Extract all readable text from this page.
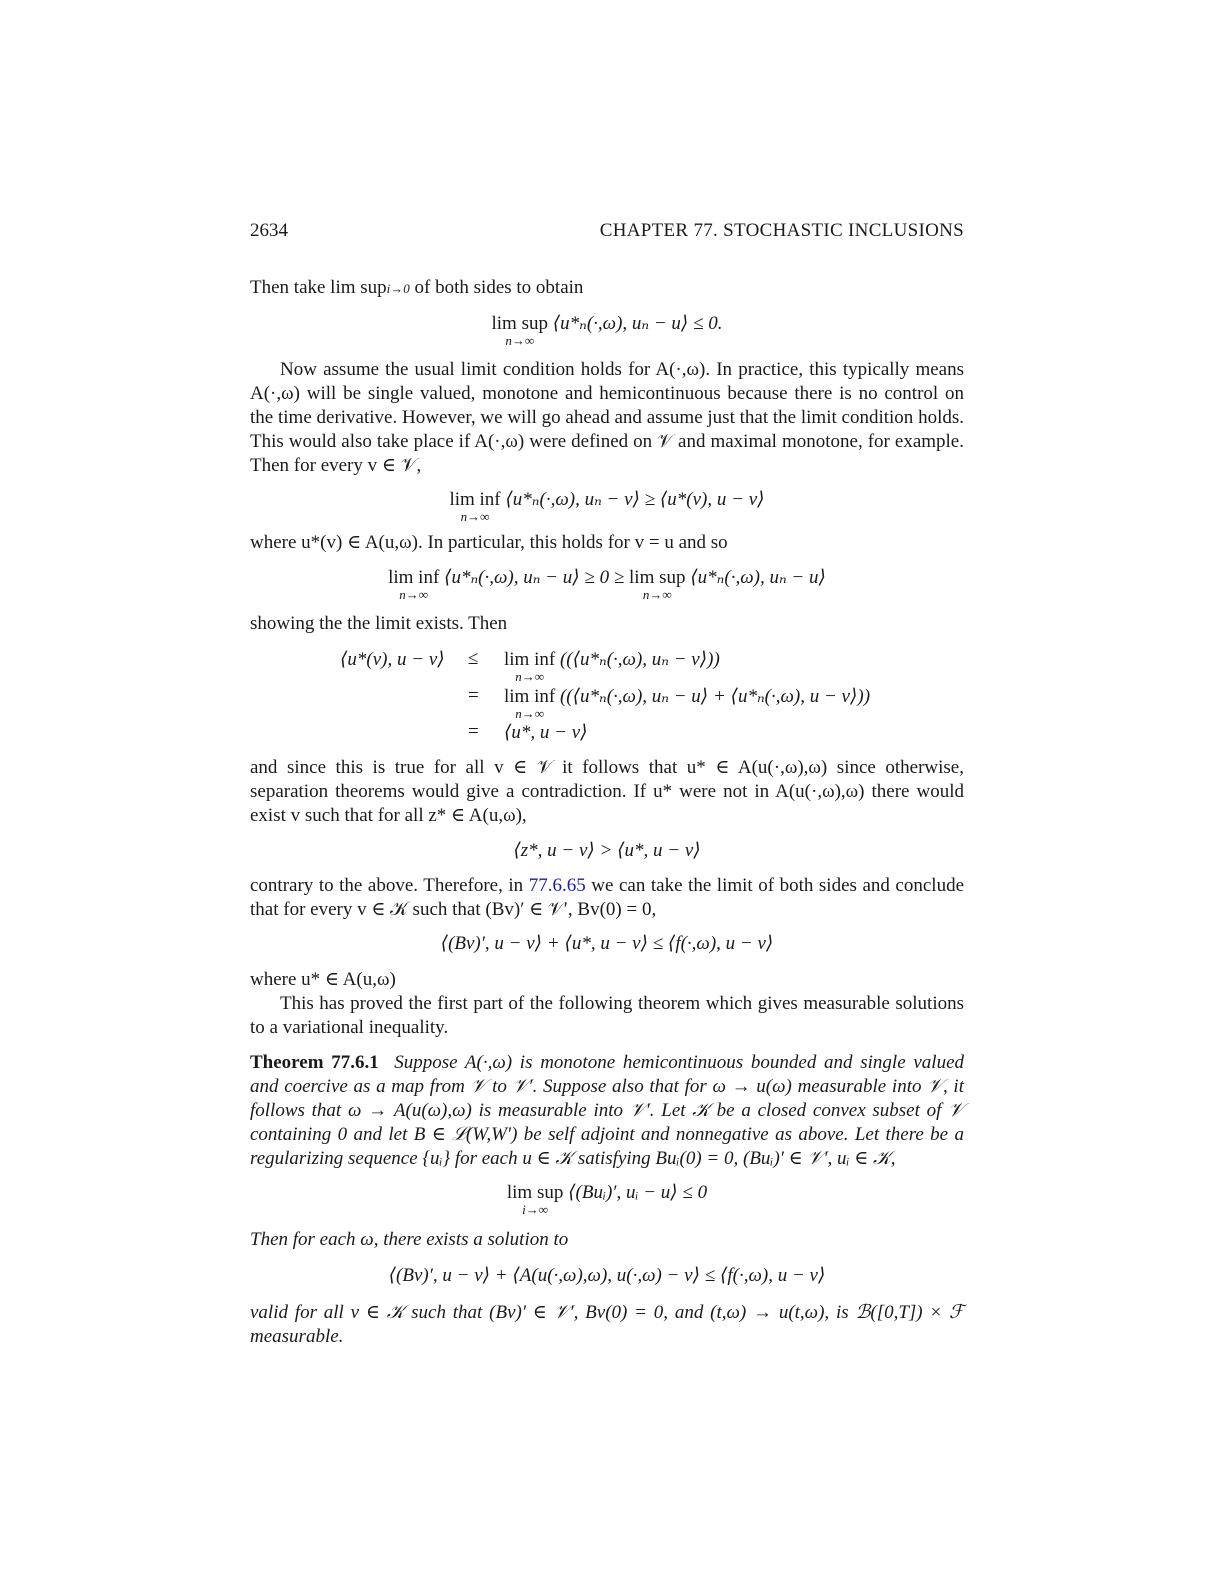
2634	CHAPTER 77. STOCHASTIC INCLUSIONS
Then take lim supi→0 of both sides to obtain
lim sup
n→∞
⟨u*ₙ(·,ω), uₙ − u⟩ ≤ 0.
Now assume the usual limit condition holds for A(·,ω). In practice, this typically means A(·,ω) will be single valued, monotone and hemicontinuous because there is no control on the time derivative. However, we will go ahead and assume just that the limit condition holds. This would also take place if A(·,ω) were defined on 𝒱 and maximal monotone, for example. Then for every v ∈ 𝒱,
lim inf
n→∞
⟨u*ₙ(·,ω), uₙ − v⟩ ≥ ⟨u*(v), u − v⟩
where u*(v) ∈ A(u,ω). In particular, this holds for v = u and so
lim inf
n→∞
⟨u*ₙ(·,ω), uₙ − u⟩ ≥ 0 ≥ lim sup
n→∞
⟨u*ₙ(·,ω), uₙ − u⟩
showing the the limit exists. Then
⟨u*(v), u − v⟩ ≤ lim inf
n→∞
((⟨u*ₙ(·,ω), uₙ − v⟩))
= lim inf
n→∞
((⟨u*ₙ(·,ω), uₙ − u⟩ + ⟨u*ₙ(·,ω), u − v⟩))
= ⟨u*, u − v⟩
and since this is true for all v ∈ 𝒱 it follows that u* ∈ A(u(·,ω),ω) since otherwise, separation theorems would give a contradiction. If u* were not in A(u(·,ω),ω) there would exist v such that for all z* ∈ A(u,ω),
⟨z*, u − v⟩ > ⟨u*, u − v⟩
contrary to the above. Therefore, in 77.6.65 we can take the limit of both sides and conclude that for every v ∈ 𝒦 such that (Bv)′ ∈ 𝒱′, Bv(0) = 0,
⟨(Bv)′, u − v⟩ + ⟨u*, u − v⟩ ≤ ⟨f(·,ω), u − v⟩
where u* ∈ A(u,ω)
This has proved the first part of the following theorem which gives measurable solutions to a variational inequality.
Theorem 77.6.1 Suppose A(·,ω) is monotone hemicontinuous bounded and single valued and coercive as a map from 𝒱 to 𝒱′. Suppose also that for ω → u(ω) measurable into 𝒱, it follows that ω → A(u(ω),ω) is measurable into 𝒱′. Let 𝒦 be a closed convex subset of 𝒱 containing 0 and let B ∈ ℒ(W,W′) be self adjoint and nonnegative as above. Let there be a regularizing sequence {uᵢ} for each u ∈ 𝒦 satisfying Buᵢ(0) = 0, (Buᵢ)′ ∈ 𝒱′, uᵢ ∈ 𝒦,
lim sup
i→∞
⟨(Buᵢ)′, uᵢ − u⟩ ≤ 0
Then for each ω, there exists a solution to
⟨(Bv)′, u − v⟩ + ⟨A(u(·,ω),ω), u(·,ω) − v⟩ ≤ ⟨f(·,ω), u − v⟩
valid for all v ∈ 𝒦 such that (Bv)′ ∈ 𝒱′, Bv(0) = 0, and (t,ω) → u(t,ω), is ℬ([0,T]) × ℱ measurable.
